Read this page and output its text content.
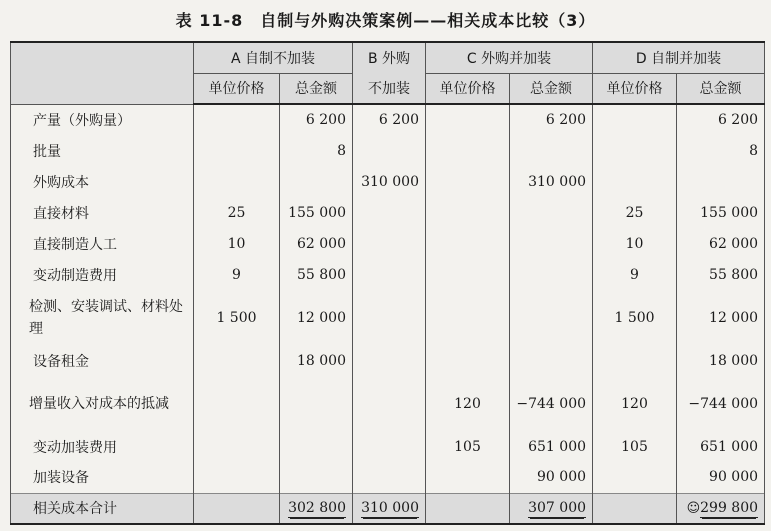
表 11-8　自制与外购决策案例——相关成本比较（3）
	A 自制不加装		B 外购	C 外购并加装		D 自制并加装	
	单位价格	总金额	不加装	单位价格	总金额	单位价格	总金额
产量（外购量）		6 200	6 200		6 200		6 200
批量		8					8
外购成本			310 000		310 000		
直接材料	25	155 000				25	155 000
直接制造人工	10	62 000				10	62 000
变动制造费用	9	55 800				9	55 800
检测、安装调试、材料处理	1 500	12 000				1 500	12 000
设备租金		18 000					18 000
增量收入对成本的抵减				120	−744 000	120	−744 000
变动加装费用				105	651 000	105	651 000
加装设备					90 000		90 000
相关成本合计		302 800	310 000		307 000		☺299 800
